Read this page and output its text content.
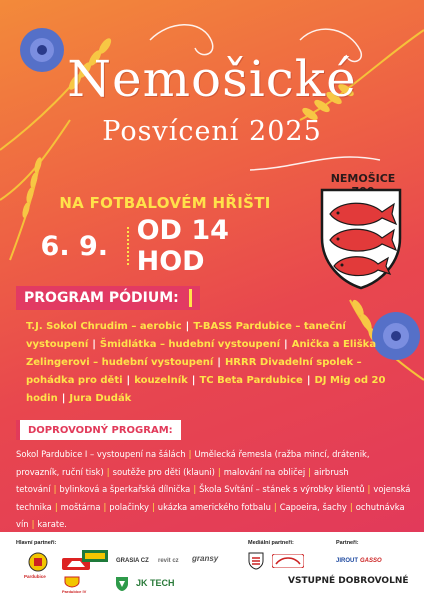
Nemošické
Posvícení 2025
NA FOTBALOVÉM HŘIŠTI
6. 9.	OD 14 HOD
NEMOŠICE
PROGRAM PÓDIUM:
T.J. Sokol Chrudim – aerobic | T-BASS Pardubice – taneční vystoupení | Šmidlátka – hudební vystoupení | Anička a Eliška Zelingerovi – hudební vystoupení | HRRR Divadelní spolek – pohádka pro děti | kouzelník | TC Beta Pardubice | DJ Mig od 20 hodin | Jura Dudák
DOPROVODNÝ PROGRAM:
Sokol Pardubice I – vystoupení na šálách | Umělecká řemesla (ražba mincí, drátenik, provazník, ruční tisk) | soutěže pro děti (klauni) | malování na obličej | airbrush tetování | bylinková a šperkařská dílnička | Škola Svítání – stánek s výrobky klientů | vojenská technika | moštárna | polačinky | ukázka amerického fotbalu | Capoeira, šachy | ochutnávka vín | karate.
Hlavní partneři:	Mediální partneři:	Partneři:
Pardubice
Pardubice IV
GRASIA CZ revit cz gransy
JK TECH
JIROUT GASSO
VSTUPNÉ DOBROVOLNÉ
